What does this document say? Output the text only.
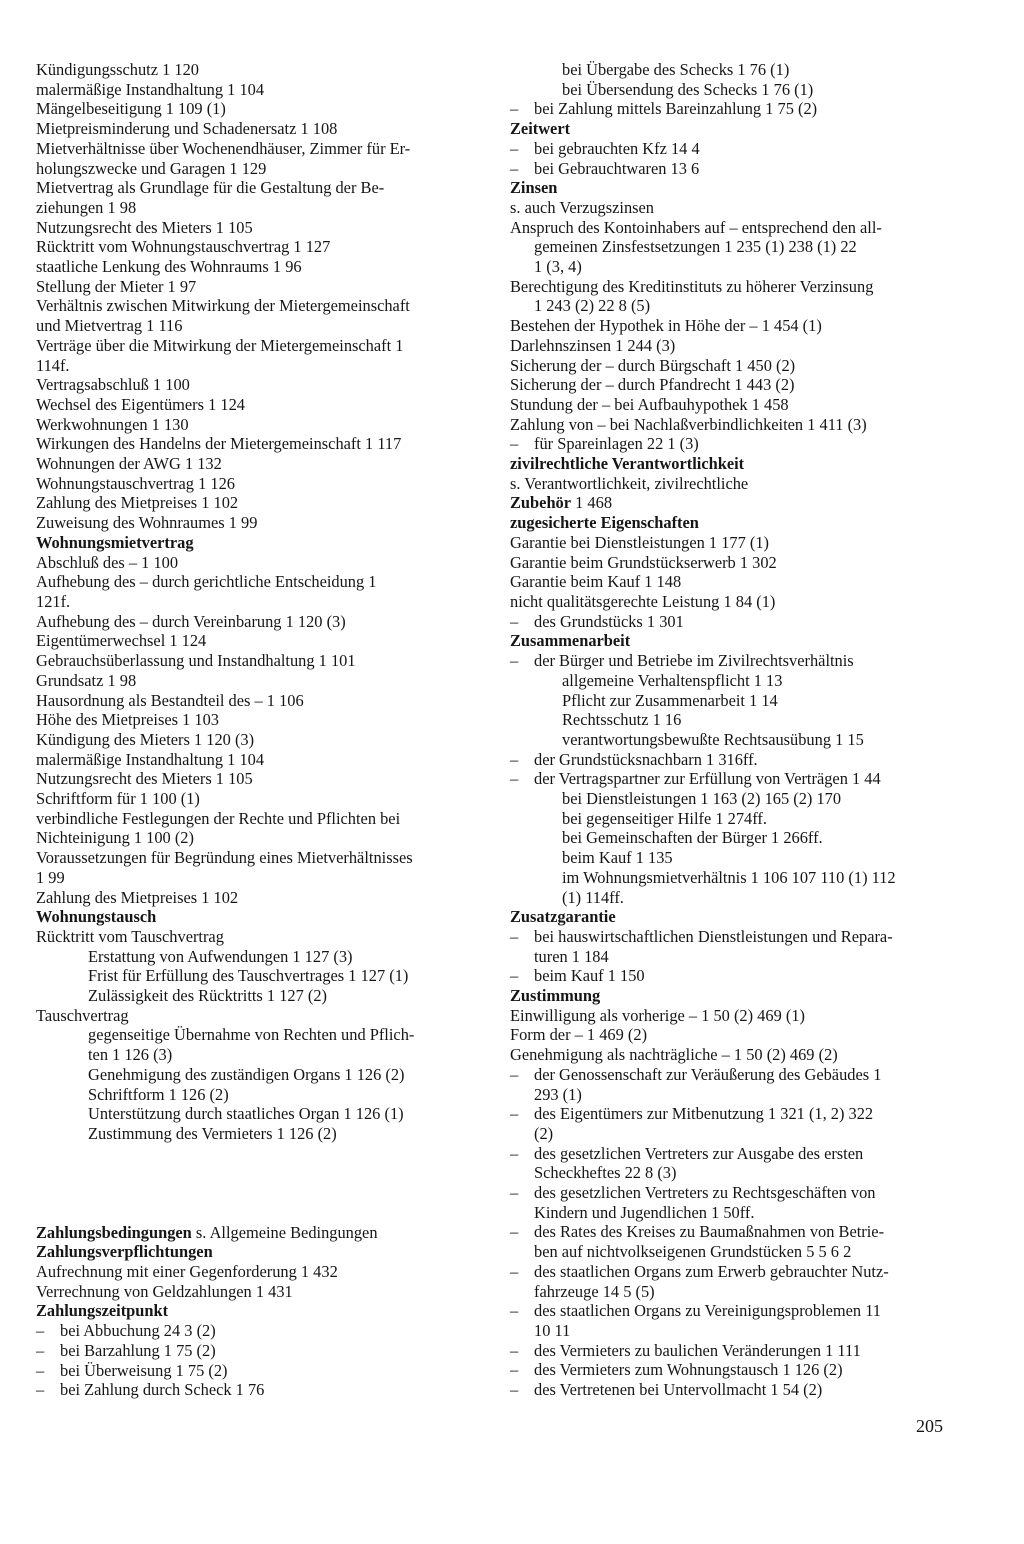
Kündigungsschutz 1 120
malermäßige Instandhaltung 1 104
Mängelbeseitigung 1 109 (1)
Mietpreisminderung und Schadenersatz 1 108
Mietverhältnisse über Wochenendhäuser, Zimmer für Er-
holungszwecke und Garagen 1 129
Mietvertrag als Grundlage für die Gestaltung der Be-
ziehungen 1 98
Nutzungsrecht des Mieters 1 105
Rücktritt vom Wohnungstauschvertrag 1 127
staatliche Lenkung des Wohnraums 1 96
Stellung der Mieter 1 97
Verhältnis zwischen Mitwirkung der Mietergemeinschaft
und Mietvertrag 1 116
Verträge über die Mitwirkung der Mietergemeinschaft 1
114f.
Vertragsabschluß 1 100
Wechsel des Eigentümers 1 124
Werkwohnungen 1 130
Wirkungen des Handelns der Mietergemeinschaft 1 117
Wohnungen der AWG 1 132
Wohnungstauschvertrag 1 126
Zahlung des Mietpreises 1 102
Zuweisung des Wohnraumes 1 99
Wohnungsmietvertrag
Abschluß des – 1 100
Aufhebung des – durch gerichtliche Entscheidung 1
121f.
Aufhebung des – durch Vereinbarung 1 120 (3)
Eigentümerwechsel 1 124
Gebrauchsüberlassung und Instandhaltung 1 101
Grundsatz 1 98
Hausordnung als Bestandteil des – 1 106
Höhe des Mietpreises 1 103
Kündigung des Mieters 1 120 (3)
malermäßige Instandhaltung 1 104
Nutzungsrecht des Mieters 1 105
Schriftform für 1 100 (1)
verbindliche Festlegungen der Rechte und Pflichten bei
Nichteinigung 1 100 (2)
Voraussetzungen für Begründung eines Mietverhältnisses
1 99
Zahlung des Mietpreises 1 102
Wohnungstausch
Rücktritt vom Tauschvertrag
Erstattung von Aufwendungen 1 127 (3)
Frist für Erfüllung des Tauschvertrages 1 127 (1)
Zulässigkeit des Rücktritts 1 127 (2)
Tauschvertrag
gegenseitige Übernahme von Rechten und Pflich-
ten 1 126 (3)
Genehmigung des zuständigen Organs 1 126 (2)
Schriftform 1 126 (2)
Unterstützung durch staatliches Organ 1 126 (1)
Zustimmung des Vermieters 1 126 (2)
Zahlungsbedingungen s. Allgemeine Bedingungen
Zahlungsverpflichtungen
Aufrechnung mit einer Gegenforderung 1 432
Verrechnung von Geldzahlungen 1 431
Zahlungszeitpunkt
– bei Abbuchung 24 3 (2)
– bei Barzahlung 1 75 (2)
– bei Überweisung 1 75 (2)
– bei Zahlung durch Scheck 1 76
bei Übergabe des Schecks 1 76 (1)
bei Übersendung des Schecks 1 76 (1)
– bei Zahlung mittels Bareinzahlung 1 75 (2)
Zeitwert
– bei gebrauchten Kfz 14 4
– bei Gebrauchtwaren 13 6
Zinsen
s. auch Verzugszinsen
Anspruch des Kontoinhabers auf – entsprechend den all-
gemeinen Zinsfestsetzungen 1 235 (1) 238 (1) 22
1 (3, 4)
Berechtigung des Kreditinstituts zu höherer Verzinsung
1 243 (2) 22 8 (5)
Bestehen der Hypothek in Höhe der – 1 454 (1)
Darlehnszinsen 1 244 (3)
Sicherung der – durch Bürgschaft 1 450 (2)
Sicherung der – durch Pfandrecht 1 443 (2)
Stundung der – bei Aufbauhypothek 1 458
Zahlung von – bei Nachlaßverbindlichkeiten 1 411 (3)
– für Spareinlagen 22 1 (3)
zivilrechtliche Verantwortlichkeit
s. Verantwortlichkeit, zivilrechtliche
Zubehör 1 468
zugesicherte Eigenschaften
Garantie bei Dienstleistungen 1 177 (1)
Garantie beim Grundstückserwerb 1 302
Garantie beim Kauf 1 148
nicht qualitätsgerechte Leistung 1 84 (1)
– des Grundstücks 1 301
Zusammenarbeit
– der Bürger und Betriebe im Zivilrechtsverhältnis
allgemeine Verhaltenspflicht 1 13
Pflicht zur Zusammenarbeit 1 14
Rechtsschutz 1 16
verantwortungsbewußte Rechtsausübung 1 15
– der Grundstücksnachbarn 1 316ff.
– der Vertragspartner zur Erfüllung von Verträgen 1 44
bei Dienstleistungen 1 163 (2) 165 (2) 170
bei gegenseitiger Hilfe 1 274ff.
bei Gemeinschaften der Bürger 1 266ff.
beim Kauf 1 135
im Wohnungsmietverhältnis 1 106 107 110 (1) 112
(1) 114ff.
Zusatzgarantie
– bei hauswirtschaftlichen Dienstleistungen und Repara-
turen 1 184
– beim Kauf 1 150
Zustimmung
Einwilligung als vorherige – 1 50 (2) 469 (1)
Form der – 1 469 (2)
Genehmigung als nachträgliche – 1 50 (2) 469 (2)
– der Genossenschaft zur Veräußerung des Gebäudes 1
293 (1)
– des Eigentümers zur Mitbenutzung 1 321 (1, 2) 322
(2)
– des gesetzlichen Vertreters zur Ausgabe des ersten
Scheckheftes 22 8 (3)
– des gesetzlichen Vertreters zu Rechtsgeschäften von
Kindern und Jugendlichen 1 50ff.
– des Rates des Kreises zu Baumaßnahmen von Betrie-
ben auf nichtvolkseigenen Grundstücken 5 5 6 2
– des staatlichen Organs zum Erwerb gebrauchter Nutz-
fahrzeuge 14 5 (5)
– des staatlichen Organs zu Vereinigungsproblemen 11
10 11
– des Vermieters zu baulichen Veränderungen 1 111
– des Vermieters zum Wohnungstausch 1 126 (2)
– des Vertretenen bei Untervollmacht 1 54 (2)
205
